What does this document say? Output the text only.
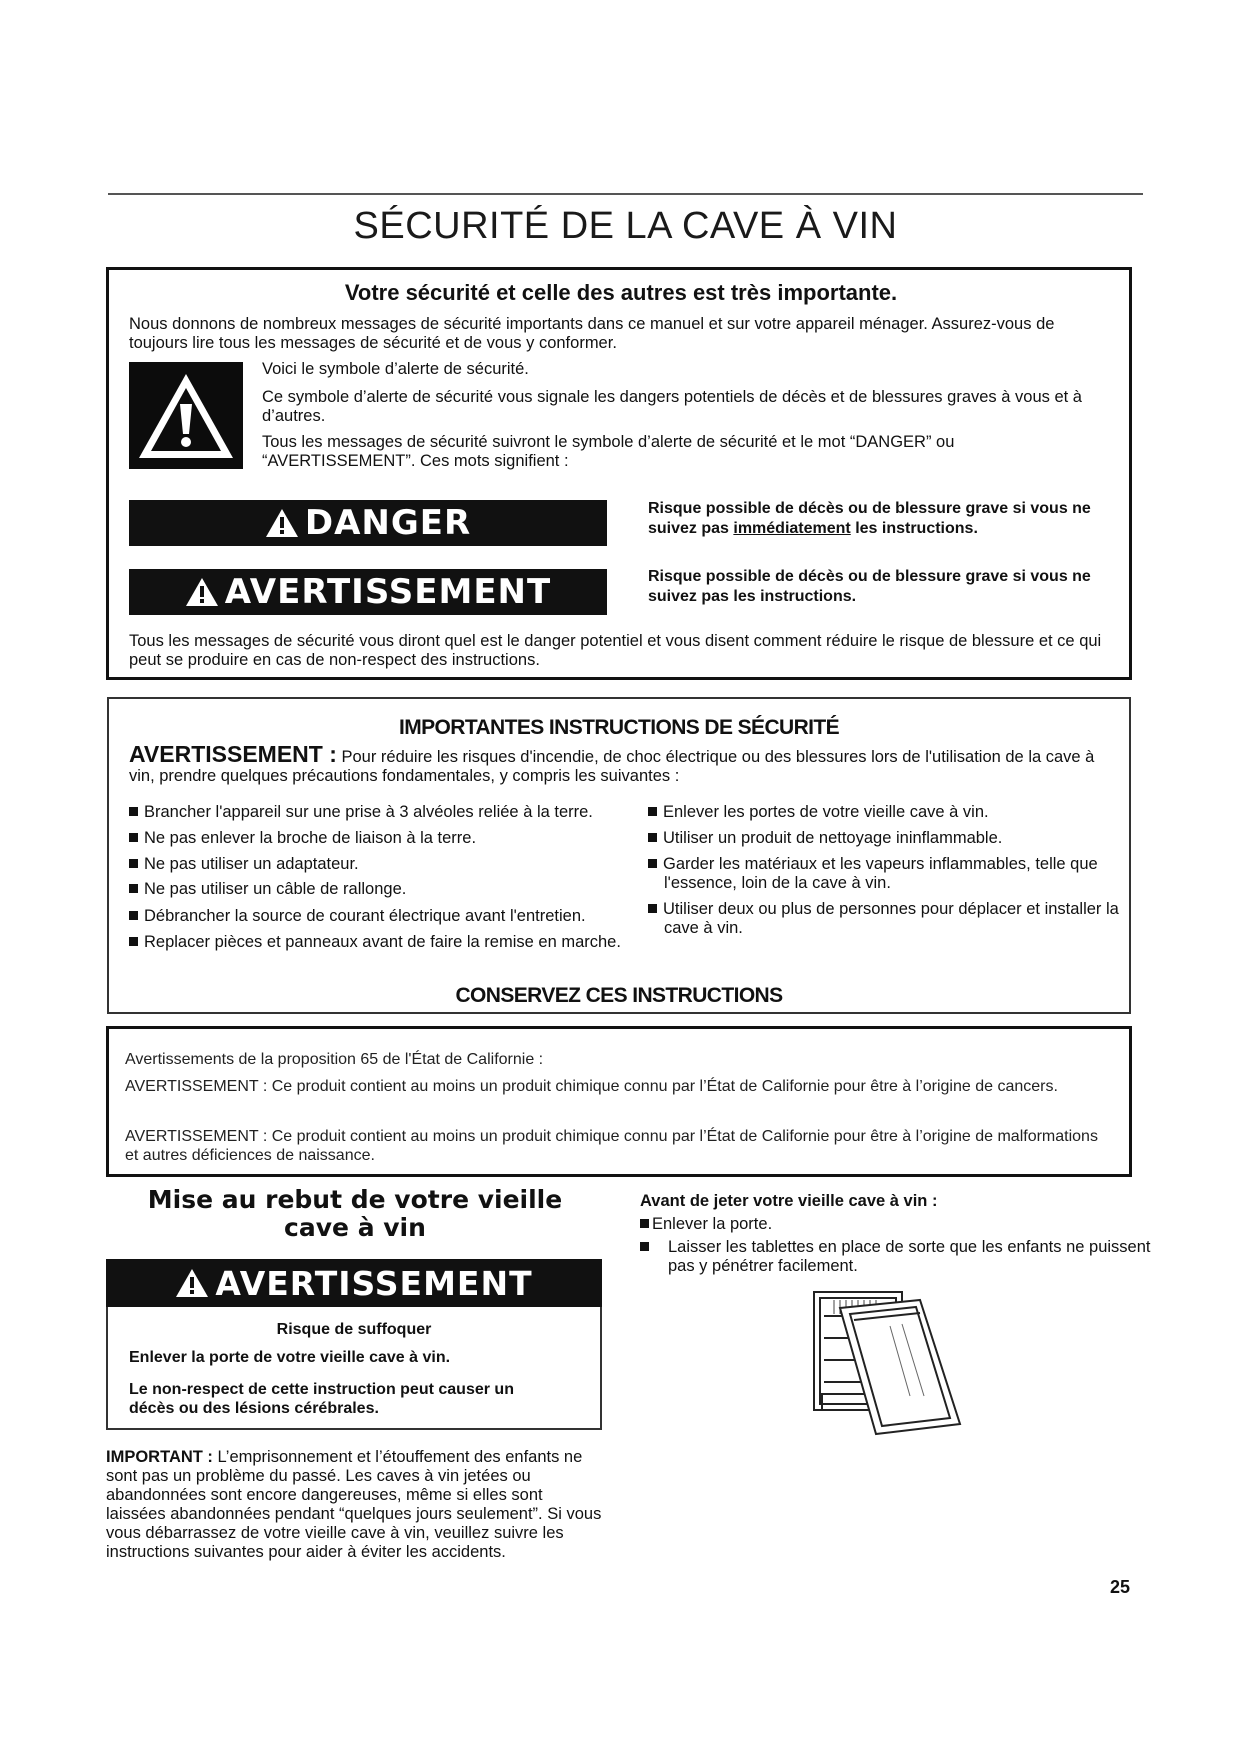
SÉCURITÉ DE LA CAVE À VIN
Votre sécurité et celle des autres est très importante.
Nous donnons de nombreux messages de sécurité importants dans ce manuel et sur votre appareil ménager. Assurez-vous de toujours lire tous les messages de sécurité et de vous y conformer.
Voici le symbole d’alerte de sécurité.
Ce symbole d’alerte de sécurité vous signale les dangers potentiels de décès et de blessures graves à vous et à d’autres.
Tous les messages de sécurité suivront le symbole d’alerte de sécurité et le mot “DANGER” ou “AVERTISSEMENT”. Ces mots signifient :
DANGER	Risque possible de décès ou de blessure grave si vous ne suivez pas immédiatement les instructions.
AVERTISSEMENT	Risque possible de décès ou de blessure grave si vous ne suivez pas les instructions.
Tous les messages de sécurité vous diront quel est le danger potentiel et vous disent comment réduire le risque de blessure et ce qui peut se produire en cas de non-respect des instructions.
IMPORTANTES INSTRUCTIONS DE SÉCURITÉ
AVERTISSEMENT : Pour réduire les risques d'incendie, de choc électrique ou des blessures lors de l'utilisation de la cave à vin, prendre quelques précautions fondamentales, y compris les suivantes :
Brancher l'appareil sur une prise à 3 alvéoles reliée à la terre.
Ne pas enlever la broche de liaison à la terre.
Ne pas utiliser un adaptateur.
Ne pas utiliser un câble de rallonge.
Débrancher la source de courant électrique avant l'entretien.
Replacer pièces et panneaux avant de faire la remise en marche.
Enlever les portes de votre vieille cave à vin.
Utiliser un produit de nettoyage ininflammable.
Garder les matériaux et les vapeurs inflammables, telle que l'essence, loin de la cave à vin.
Utiliser deux ou plus de personnes pour déplacer et installer la cave à vin.
CONSERVEZ CES INSTRUCTIONS
Avertissements de la proposition 65 de l'État de Californie :
AVERTISSEMENT : Ce produit contient au moins un produit chimique connu par l’État de Californie pour être à l’origine de cancers.
AVERTISSEMENT : Ce produit contient au moins un produit chimique connu par l’État de Californie pour être à l’origine de malformations et autres déficiences de naissance.
Mise au rebut de votre vieille
cave à vin
AVERTISSEMENT
Risque de suffoquer
Enlever la porte de votre vieille cave à vin.
Le non-respect de cette instruction peut causer un décès ou des lésions cérébrales.
IMPORTANT : L’emprisonnement et l’étouffement des enfants ne sont pas un problème du passé. Les caves à vin jetées ou abandonnées sont encore dangereuses, même si elles sont laissées abandonnées pendant “quelques jours seulement”. Si vous vous débarrassez de votre vieille cave à vin, veuillez suivre les instructions suivantes pour aider à éviter les accidents.
Avant de jeter votre vieille cave à vin :
Enlever la porte.
Laisser les tablettes en place de sorte que les enfants ne puissent pas y pénétrer facilement.
25
